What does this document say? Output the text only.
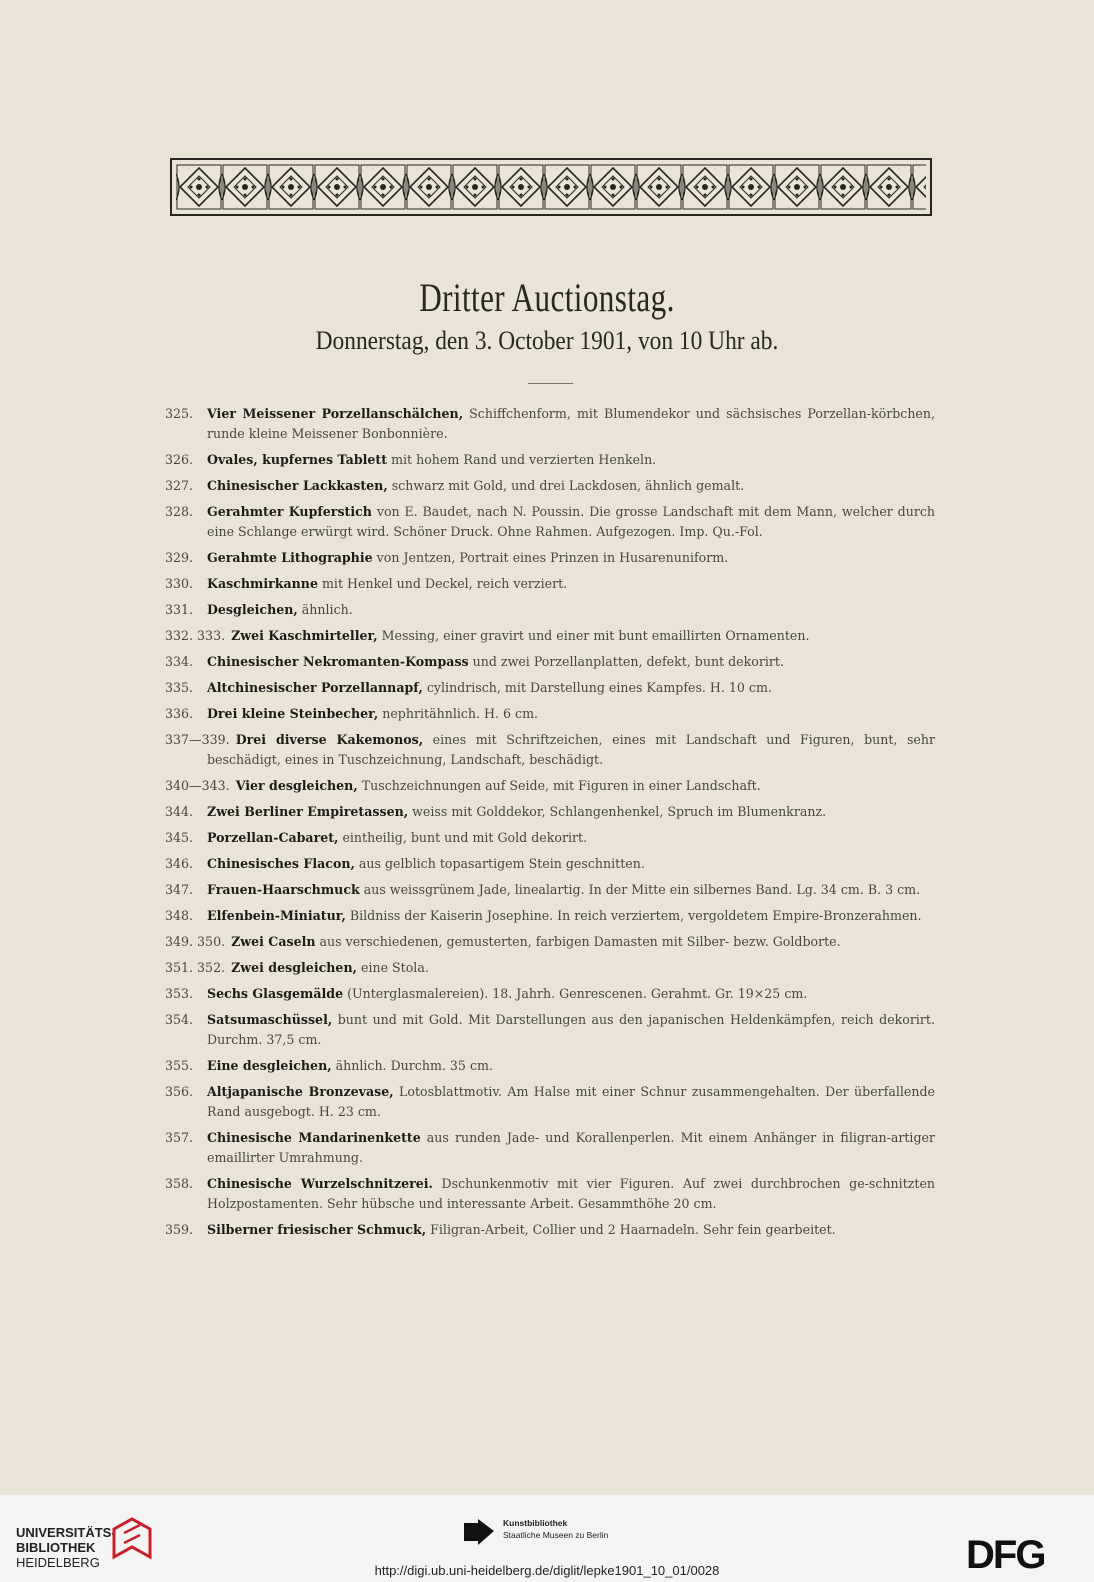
Dritter Auctionstag.
Donnerstag, den 3. October 1901, von 10 Uhr ab.
325. Vier Meissener Porzellanschälchen, Schiffchenform, mit Blumendekor und sächsisches Porzellan-körbchen, runde kleine Meissener Bonbonnière.
326. Ovales, kupfernes Tablett mit hohem Rand und verzierten Henkeln.
327. Chinesischer Lackkasten, schwarz mit Gold, und drei Lackdosen, ähnlich gemalt.
328. Gerahmter Kupferstich von E. Baudet, nach N. Poussin. Die grosse Landschaft mit dem Mann, welcher durch eine Schlange erwürgt wird. Schöner Druck. Ohne Rahmen. Aufgezogen. Imp. Qu.-Fol.
329. Gerahmte Lithographie von Jentzen, Portrait eines Prinzen in Husarenuniform.
330. Kaschmirkanne mit Henkel und Deckel, reich verziert.
331. Desgleichen, ähnlich.
332. 333. Zwei Kaschmirteller, Messing, einer gravirt und einer mit bunt emaillirten Ornamenten.
334. Chinesischer Nekromanten-Kompass und zwei Porzellanplatten, defekt, bunt dekorirt.
335. Altchinesischer Porzellannapf, cylindrisch, mit Darstellung eines Kampfes. H. 10 cm.
336. Drei kleine Steinbecher, nephritähnlich. H. 6 cm.
337—339. Drei diverse Kakemonos, eines mit Schriftzeichen, eines mit Landschaft und Figuren, bunt, sehr beschädigt, eines in Tuschzeichnung, Landschaft, beschädigt.
340—343. Vier desgleichen, Tuschzeichnungen auf Seide, mit Figuren in einer Landschaft.
344. Zwei Berliner Empiretassen, weiss mit Golddekor, Schlangenhenkel, Spruch im Blumenkranz.
345. Porzellan-Cabaret, eintheilig, bunt und mit Gold dekorirt.
346. Chinesisches Flacon, aus gelblich topasartigem Stein geschnitten.
347. Frauen-Haarschmuck aus weissgrünem Jade, linealartig. In der Mitte ein silbernes Band. Lg. 34 cm. B. 3 cm.
348. Elfenbein-Miniatur, Bildniss der Kaiserin Josephine. In reich verziertem, vergoldetem Empire-Bronzerahmen.
349. 350. Zwei Caseln aus verschiedenen, gemusterten, farbigen Damasten mit Silber- bezw. Goldborte.
351. 352. Zwei desgleichen, eine Stola.
353. Sechs Glasgemälde (Unterglasmalereien). 18. Jahrh. Genrescenen. Gerahmt. Gr. 19×25 cm.
354. Satsumaschüssel, bunt und mit Gold. Mit Darstellungen aus den japanischen Heldenkämpfen, reich dekorirt. Durchm. 37,5 cm.
355. Eine desgleichen, ähnlich. Durchm. 35 cm.
356. Altjapanische Bronzevase, Lotosblattmotiv. Am Halse mit einer Schnur zusammengehalten. Der überfallende Rand ausgebogt. H. 23 cm.
357. Chinesische Mandarinenkette aus runden Jade- und Korallenperlen. Mit einem Anhänger in filigran-artiger emaillirter Umrahmung.
358. Chinesische Wurzelschnitzerei. Dschunkenmotiv mit vier Figuren. Auf zwei durchbrochen ge-schnitzten Holzpostamenten. Sehr hübsche und interessante Arbeit. Gesammthöhe 20 cm.
359. Silberner friesischer Schmuck, Filigran-Arbeit, Collier und 2 Haarnadeln. Sehr fein gearbeitet.
UNIVERSITÄTS-
BIBLIOTHEK
HEIDELBERG
Kunstbibliothek
Staatliche Museen zu Berlin	DFG
http://digi.ub.uni-heidelberg.de/diglit/lepke1901_10_01/0028
